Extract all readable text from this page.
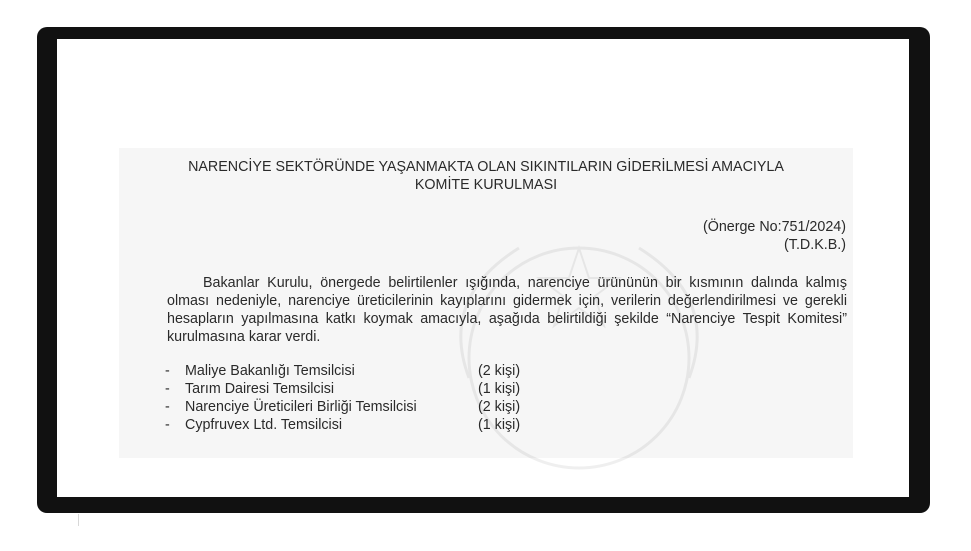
NARENCİYE SEKTÖRÜNDE YAŞANMAKTA OLAN SIKINTILARIN GİDERİLMESİ AMACIYLA
KOMİTE KURULMASI
(Önerge No:751/2024)
(T.D.K.B.)
Bakanlar Kurulu, önergede belirtilenler ışığında, narenciye ürününün bir kısmının dalında kalmış olması nedeniyle, narenciye üreticilerinin kayıplarını gidermek için, verilerin değerlendirilmesi ve gerekli hesapların yapılmasına katkı koymak amacıyla, aşağıda belirtildiği şekilde “Narenciye Tespit Komitesi” kurulmasına karar verdi.
- Maliye Bakanlığı Temsilcisi	(2 kişi)
- Tarım Dairesi Temsilcisi	(1 kişi)
- Narenciye Üreticileri Birliği Temsilcisi	(2 kişi)
- Cypfruvex Ltd. Temsilcisi	(1 kişi)
